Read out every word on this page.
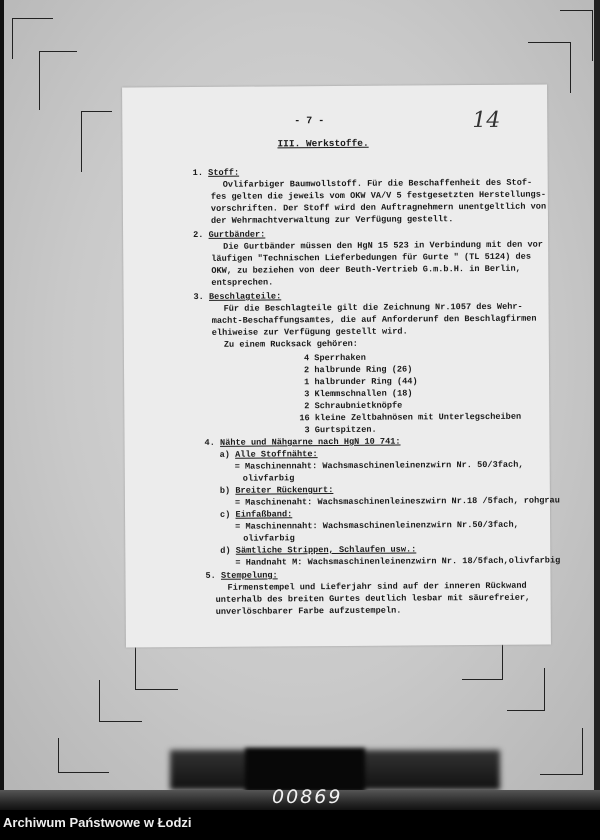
- 7 -	14
III. Werkstoffe.
1. Stoff:
Ovlifarbiger Baumwollstoff. Für die Beschaffenheit des Stof-
fes gelten die jeweils vom OKW VA/V 5 festgesetzten Herstellungs-
vorschriften. Der Stoff wird den Auftragnehmern unentgeltlich von
der Wehrmachtverwaltung zur Verfügung gestellt.
2. Gurtbänder:
Die Gurtbänder müssen den HgN 15 523 in Verbindung mit den vor
läufigen "Technischen Lieferbedungen für Gurte " (TL 5124) des
OKW, zu beziehen von deer Beuth-Vertrieb G.m.b.H. in Berlin,
entsprechen.
3. Beschlagteile:
Für die Beschlagteile gilt die Zeichnung Nr.1057 des Wehr-
macht-Beschaffungsamtes, die auf Anforderunf den Beschlagfirmen
elhiweise zur Verfügung gestellt wird.
Zu einem Rucksack gehören:
4 Sperrhaken
2 halbrunde Ring (26)
1 halbrunder Ring (44)
3 Klemmschnallen (18)
2 Schraubnietknöpfe
16 kleine Zeltbahnösen mit Unterlegscheiben
3 Gurtspitzen.
4. Nähte und Nähgarne nach HgN 10 741:
a) Alle Stoffnähte:
= Maschinennaht: Wachsmaschinenleinenzwirn Nr. 50/3fach,
olivfarbig
b) Breiter Rückengurt:
= Maschinenaht: Wachsmaschinenleineszwirn Nr.18 /5fach, rohgrau
c) Einfaßband:
= Maschinennaht: Wachsmaschinenleinenzwirn Nr.50/3fach,
olivfarbig
d) Sämtliche Strippen, Schlaufen usw.:
= Handnaht M: Wachsmaschinenleinenzwirn Nr. 18/5fach,olivfarbig
5. Stempelung:
Firmenstempel und Lieferjahr sind auf der inneren Rückwand
unterhalb des breiten Gurtes deutlich lesbar mit säurefreier,
unverlöschbarer Farbe aufzustempeln.
00869
Archiwum Państwowe w Łodzi
